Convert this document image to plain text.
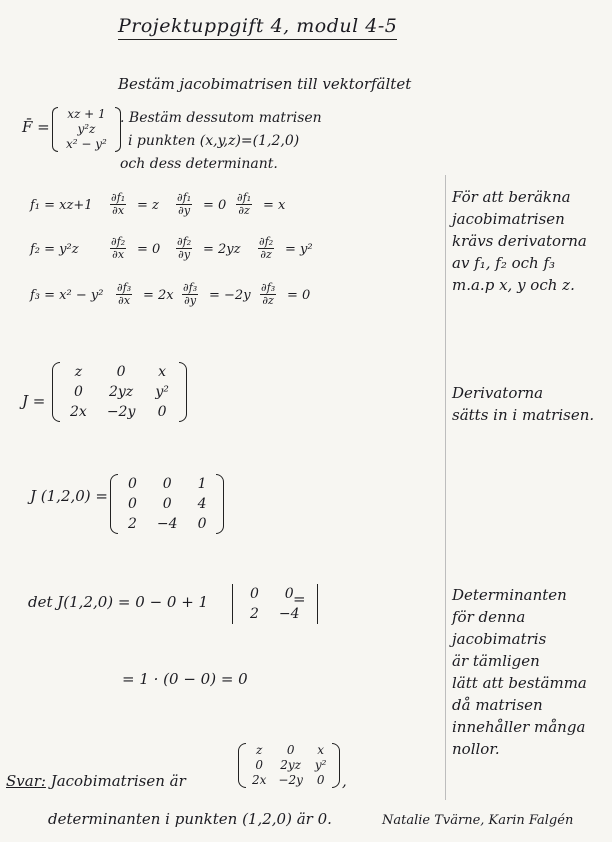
Projektuppgift 4, modul 4-5
Bestäm jacobimatrisen till vektorfältet
F̄ =
xz + 1
y²z
x² − y²
. Bestäm dessutom matrisen
i punkten (x,y,z)=(1,2,0)
och dess determinant.
$f_1 = xz+1 \frac{\text{∂f₁}}{\partial x} = z \frac{\text{∂f₁}}{\partial y} = 0 \frac{\text{∂f₁}}{\partial z} = x$
f₂ = y²z	$\frac{\text{∂f₂}}{\partial x} = 0 \frac{\text{∂f₂}}{\partial y} = 2yz \frac{\text{∂f₂}}{\partial z} = y^2$
$f_3 = x^2 - y^2 \frac{\text{∂f₃}}{\partial x} = 2x \frac{\text{∂f₃}}{\partial y} = -2y \frac{\text{∂f₃}}{\partial z} = 0$
J =
z	0	x
0	2yz	y²
2x	−2y	0
J (1,2,0) =
0	0	1
0	0	4
2	−4	0
det J(1,2,0) = 0 − 0 + 1	0	0
2	−4
=
= 1 · (0 − 0) = 0
För att beräkna
jacobimatrisen
krävs derivatorna
av f₁, f₂ och f₃
m.a.p x, y och z.
Derivatorna
sätts in i matrisen.
Determinanten
för denna
jacobimatris
är tämligen
lätt att bestämma
då matrisen
innehåller många
nollor.
Svar: Jacobimatrisen är
z	0	x
0	2yz	y²
2x	−2y	0 ,
determinanten i punkten (1,2,0) är 0.	Natalie Tvärne, Karin Falgén
